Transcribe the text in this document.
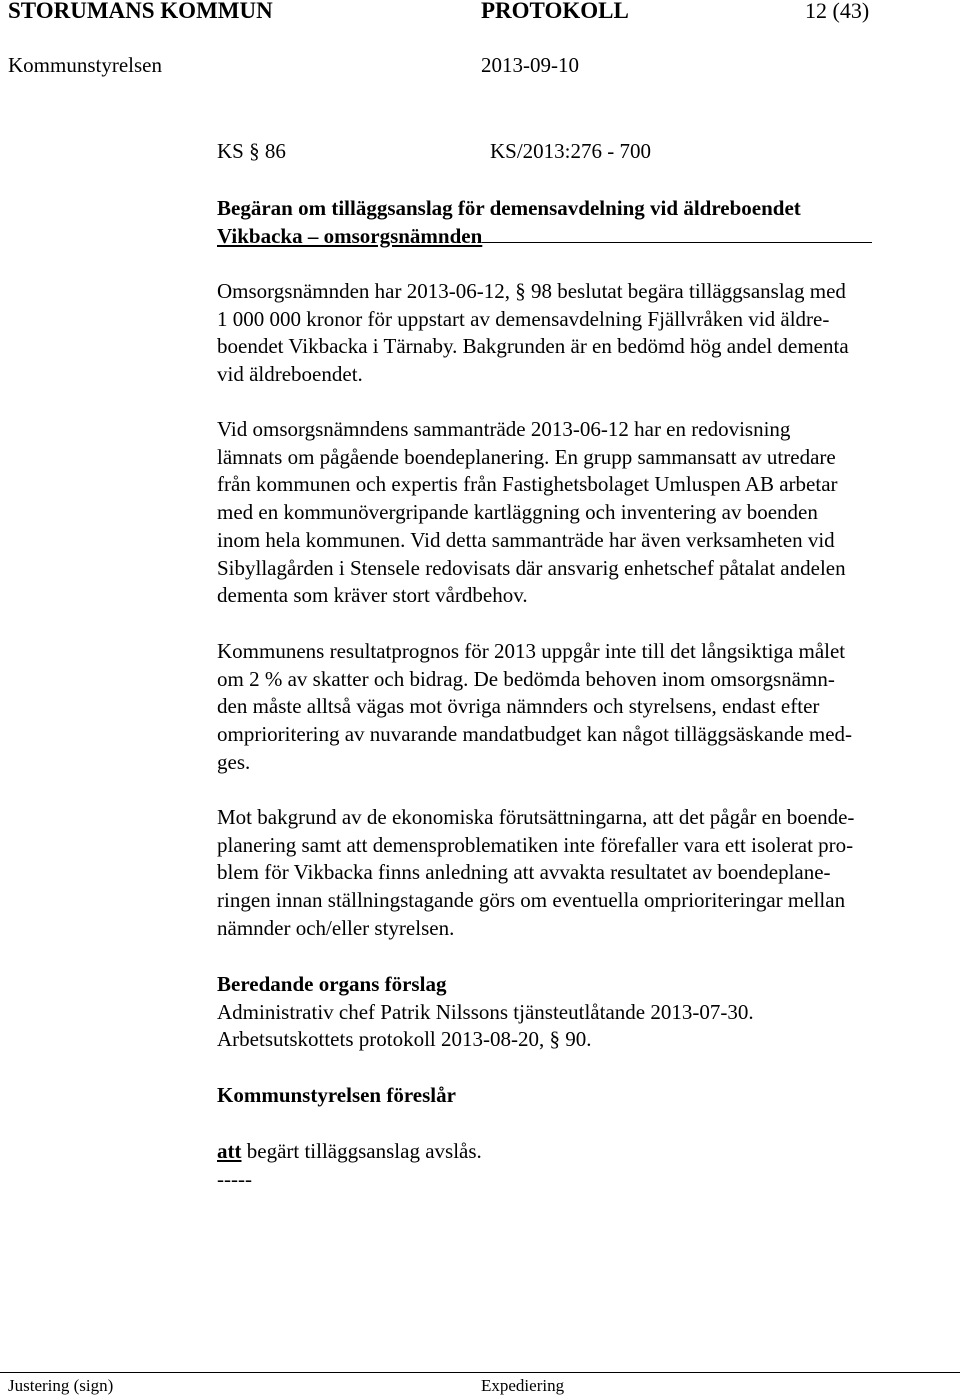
STORUMANS KOMMUN	PROTOKOLL	12 (43)
Kommunstyrelsen	2013-09-10
KS § 86	KS/2013:276 - 700
Begäran om tilläggsanslag för demensavdelning vid äldreboendet
Vikbacka – omsorgsnämnden
Omsorgsnämnden har 2013-06-12, § 98 beslutat begära tilläggsanslag med
1 000 000 kronor för uppstart av demensavdelning Fjällvråken vid äldre-
boendet Vikbacka i Tärnaby. Bakgrunden är en bedömd hög andel dementa
vid äldreboendet.
Vid omsorgsnämndens sammanträde 2013-06-12 har en redovisning
lämnats om pågående boendeplanering. En grupp sammansatt av utredare
från kommunen och expertis från Fastighetsbolaget Umluspen AB arbetar
med en kommunövergripande kartläggning och inventering av boenden
inom hela kommunen. Vid detta sammanträde har även verksamheten vid
Sibyllagården i Stensele redovisats där ansvarig enhetschef påtalat andelen
dementa som kräver stort vårdbehov.
Kommunens resultatprognos för 2013 uppgår inte till det långsiktiga målet
om 2 % av skatter och bidrag. De bedömda behoven inom omsorgsnämn-
den måste alltså vägas mot övriga nämnders och styrelsens, endast efter
omprioritering av nuvarande mandatbudget kan något tilläggsäskande med-
ges.
Mot bakgrund av de ekonomiska förutsättningarna, att det pågår en boende-
planering samt att demensproblematiken inte förefaller vara ett isolerat pro-
blem för Vikbacka finns anledning att avvakta resultatet av boendeplane-
ringen innan ställningstagande görs om eventuella omprioriteringar mellan
nämnder och/eller styrelsen.
Beredande organs förslag
Administrativ chef Patrik Nilssons tjänsteutlåtande 2013-07-30.
Arbetsutskottets protokoll 2013-08-20, § 90.
Kommunstyrelsen föreslår
att begärt tilläggsanslag avslås.
-----
Justering (sign)	Expediering
